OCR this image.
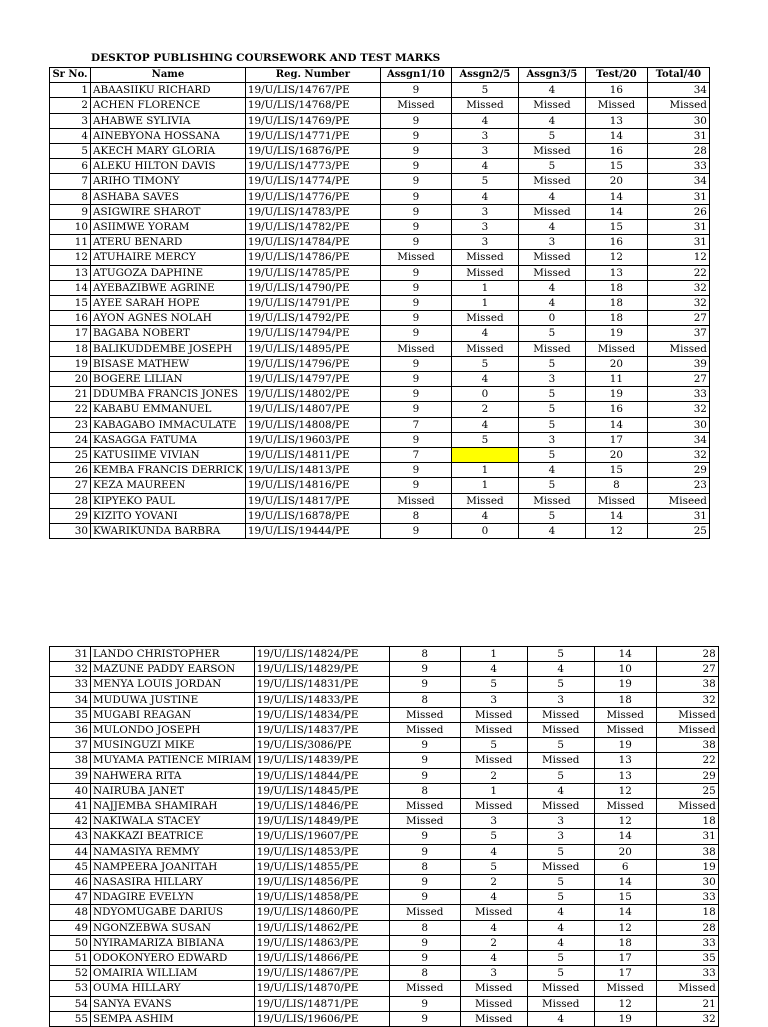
DESKTOP PUBLISHING COURSEWORK AND TEST MARKS
Sr No.	Name	Reg. Number	Assgn1/10	Assgn2/5	Assgn3/5	Test/20	Total/40
1	ABAASIIKU RICHARD	19/U/LIS/14767/PE	9	5	4	16	34
2	ACHEN FLORENCE	19/U/LIS/14768/PE	Missed	Missed	Missed	Missed	Missed
3	AHABWE SYLIVIA	19/U/LIS/14769/PE	9	4	4	13	30
4	AINEBYONA HOSSANA	19/U/LIS/14771/PE	9	3	5	14	31
5	AKECH MARY GLORIA	19/U/LIS/16876/PE	9	3	Missed	16	28
6	ALEKU HILTON DAVIS	19/U/LIS/14773/PE	9	4	5	15	33
7	ARIHO TIMONY	19/U/LIS/14774/PE	9	5	Missed	20	34
8	ASHABA SAVES	19/U/LIS/14776/PE	9	4	4	14	31
9	ASIGWIRE SHAROT	19/U/LIS/14783/PE	9	3	Missed	14	26
10	ASIIMWE YORAM	19/U/LIS/14782/PE	9	3	4	15	31
11	ATERU BENARD	19/U/LIS/14784/PE	9	3	3	16	31
12	ATUHAIRE MERCY	19/U/LIS/14786/PE	Missed	Missed	Missed	12	12
13	ATUGOZA DAPHINE	19/U/LIS/14785/PE	9	Missed	Missed	13	22
14	AYEBAZIBWE AGRINE	19/U/LIS/14790/PE	9	1	4	18	32
15	AYEE SARAH HOPE	19/U/LIS/14791/PE	9	1	4	18	32
16	AYON AGNES NOLAH	19/U/LIS/14792/PE	9	Missed	0	18	27
17	BAGABA NOBERT	19/U/LIS/14794/PE	9	4	5	19	37
18	BALIKUDDEMBE JOSEPH	19/U/LIS/14895/PE	Missed	Missed	Missed	Missed	Missed
19	BISASE MATHEW	19/U/LIS/14796/PE	9	5	5	20	39
20	BOGERE LILIAN	19/U/LIS/14797/PE	9	4	3	11	27
21	DDUMBA FRANCIS JONES	19/U/LIS/14802/PE	9	0	5	19	33
22	KABABU EMMANUEL	19/U/LIS/14807/PE	9	2	5	16	32
23	KABAGABO IMMACULATE	19/U/LIS/14808/PE	7	4	5	14	30
24	KASAGGA FATUMA	19/U/LIS/19603/PE	9	5	3	17	34
25	KATUSIIME VIVIAN	19/U/LIS/14811/PE	7		5	20	32
26	KEMBA FRANCIS DERRICK	19/U/LIS/14813/PE	9	1	4	15	29
27	KEZA MAUREEN	19/U/LIS/14816/PE	9	1	5	8	23
28	KIPYEKO PAUL	19/U/LIS/14817/PE	Missed	Missed	Missed	Missed	Miseed
29	KIZITO YOVANI	19/U/LIS/16878/PE	8	4	5	14	31
30	KWARIKUNDA BARBRA	19/U/LIS/19444/PE	9	0	4	12	25
31	LANDO CHRISTOPHER	19/U/LIS/14824/PE	8	1	5	14	28
32	MAZUNE PADDY EARSON	19/U/LIS/14829/PE	9	4	4	10	27
33	MENYA LOUIS JORDAN	19/U/LIS/14831/PE	9	5	5	19	38
34	MUDUWA JUSTINE	19/U/LIS/14833/PE	8	3	3	18	32
35	MUGABI REAGAN	19/U/LIS/14834/PE	Missed	Missed	Missed	Missed	Missed
36	MULONDO JOSEPH	19/U/LIS/14837/PE	Missed	Missed	Missed	Missed	Missed
37	MUSINGUZI MIKE	19/U/LIS/3086/PE	9	5	5	19	38
38	MUYAMA PATIENCE MIRIAM	19/U/LIS/14839/PE	9	Missed	Missed	13	22
39	NAHWERA RITA	19/U/LIS/14844/PE	9	2	5	13	29
40	NAIRUBA JANET	19/U/LIS/14845/PE	8	1	4	12	25
41	NAJJEMBA SHAMIRAH	19/U/LIS/14846/PE	Missed	Missed	Missed	Missed	Missed
42	NAKIWALA STACEY	19/U/LIS/14849/PE	Missed	3	3	12	18
43	NAKKAZI BEATRICE	19/U/LIS/19607/PE	9	5	3	14	31
44	NAMASIYA REMMY	19/U/LIS/14853/PE	9	4	5	20	38
45	NAMPEERA JOANITAH	19/U/LIS/14855/PE	8	5	Missed	6	19
46	NASASIRA HILLARY	19/U/LIS/14856/PE	9	2	5	14	30
47	NDAGIRE EVELYN	19/U/LIS/14858/PE	9	4	5	15	33
48	NDYOMUGABE DARIUS	19/U/LIS/14860/PE	Missed	Missed	4	14	18
49	NGONZEBWA SUSAN	19/U/LIS/14862/PE	8	4	4	12	28
50	NYIRAMARIZA BIBIANA	19/U/LIS/14863/PE	9	2	4	18	33
51	ODOKONYERO EDWARD	19/U/LIS/14866/PE	9	4	5	17	35
52	OMAIRIA WILLIAM	19/U/LIS/14867/PE	8	3	5	17	33
53	OUMA HILLARY	19/U/LIS/14870/PE	Missed	Missed	Missed	Missed	Missed
54	SANYA EVANS	19/U/LIS/14871/PE	9	Missed	Missed	12	21
55	SEMPA ASHIM	19/U/LIS/19606/PE	9	Missed	4	19	32
